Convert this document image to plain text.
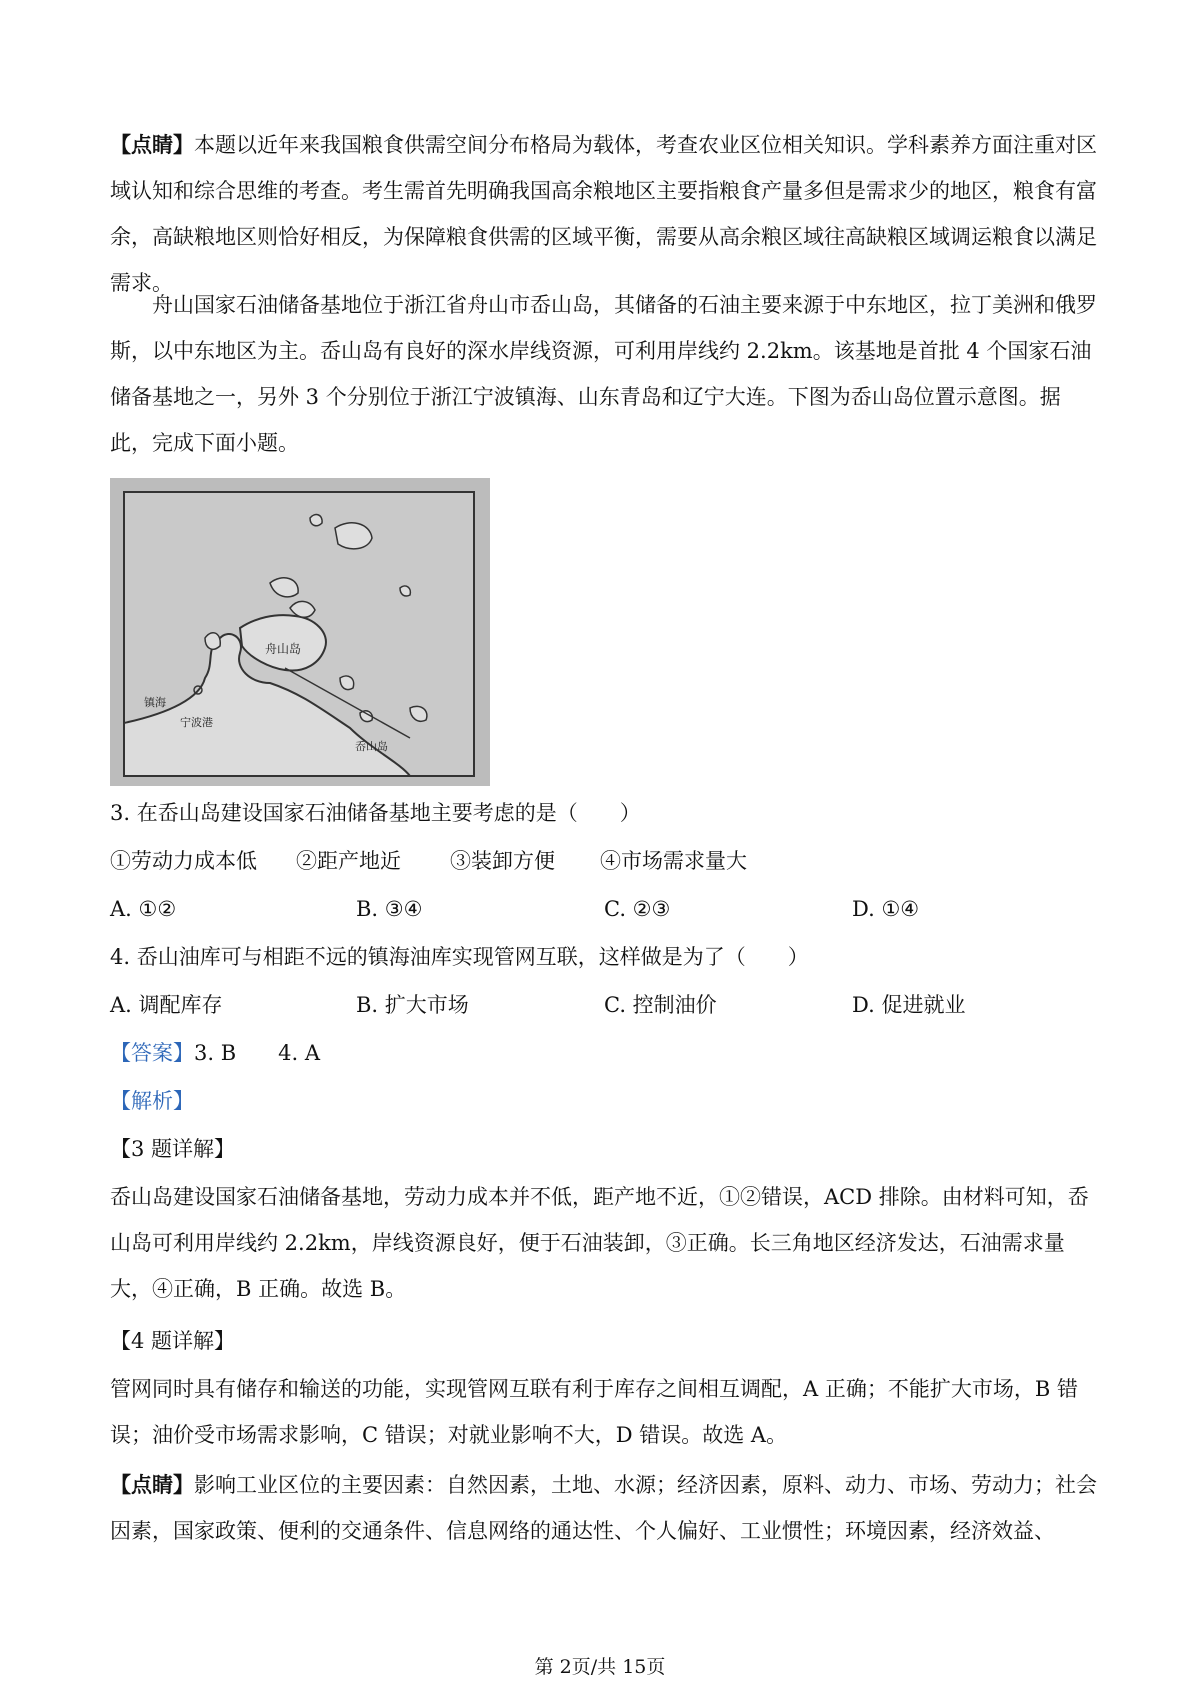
【点睛】本题以近年来我国粮食供需空间分布格局为载体，考查农业区位相关知识。学科素养方面注重对区域认知和综合思维的考查。考生需首先明确我国高余粮地区主要指粮食产量多但是需求少的地区，粮食有富余，高缺粮地区则恰好相反，为保障粮食供需的区域平衡，需要从高余粮区域往高缺粮区域调运粮食以满足需求。

舟山国家石油储备基地位于浙江省舟山市岙山岛，其储备的石油主要来源于中东地区，拉丁美洲和俄罗斯，以中东地区为主。岙山岛有良好的深水岸线资源，可利用岸线约 2.2km。该基地是首批 4 个国家石油储备基地之一，另外 3 个分别位于浙江宁波镇海、山东青岛和辽宁大连。下图为岙山岛位置示意图。据此，完成下面小题。

舟山岛
镇海
宁波港
岙山岛
3. 在岙山岛建设国家石油储备基地主要考虑的是（　　）
①劳动力成本低 ②距产地近 ③装卸方便 ④市场需求量大
A. ①②	B. ③④	C. ②③	D. ①④
4. 岙山油库可与相距不远的镇海油库实现管网互联，这样做是为了（　　）
A. 调配库存	B. 扩大市场	C. 控制油价	D. 促进就业
【答案】3. B 4. A
【解析】
【3 题详解】

岙山岛建设国家石油储备基地，劳动力成本并不低，距产地不近，①②错误，ACD 排除。由材料可知，岙山岛可利用岸线约 2.2km，岸线资源良好，便于石油装卸，③正确。长三角地区经济发达，石油需求量大，④正确，B 正确。故选 B。

【4 题详解】

管网同时具有储存和输送的功能，实现管网互联有利于库存之间相互调配，A 正确；不能扩大市场，B 错误；油价受市场需求影响，C 错误；对就业影响不大，D 错误。故选 A。

【点睛】影响工业区位的主要因素：自然因素，土地、水源；经济因素，原料、动力、市场、劳动力；社会因素，国家政策、便利的交通条件、信息网络的通达性、个人偏好、工业惯性；环境因素，经济效益、

第 2页/共 15页
